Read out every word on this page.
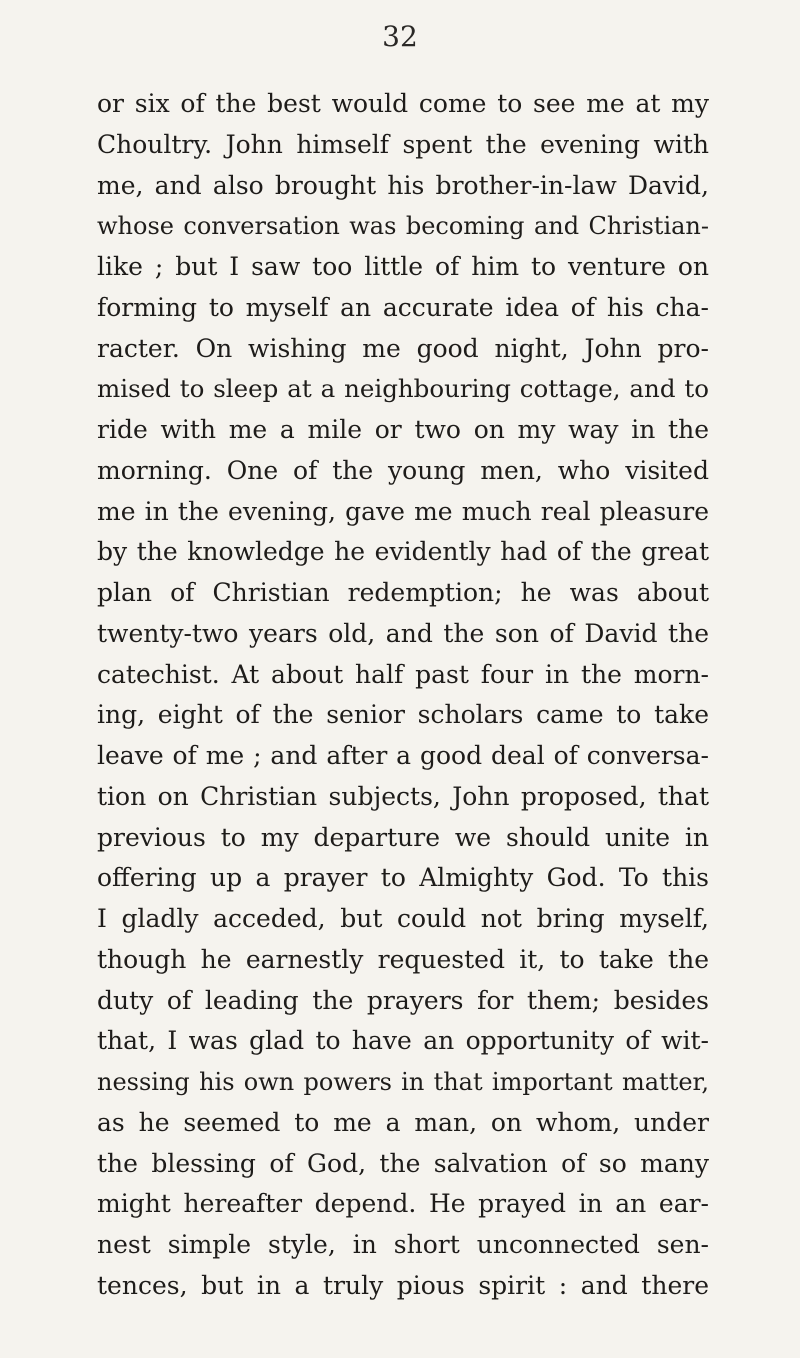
32
or six of the best would come to see me at my
Choultry. John himself spent the evening with
me, and also brought his brother-in-law David,
whose conversation was becoming and Christian-
like ; but I saw too little of him to venture on
forming to myself an accurate idea of his cha-
racter. On wishing me good night, John pro-
mised to sleep at a neighbouring cottage, and to
ride with me a mile or two on my way in the
morning. One of the young men, who visited
me in the evening, gave me much real pleasure
by the knowledge he evidently had of the great
plan of Christian redemption; he was about
twenty-two years old, and the son of David the
catechist. At about half past four in the morn-
ing, eight of the senior scholars came to take
leave of me ; and after a good deal of conversa-
tion on Christian subjects, John proposed, that
previous to my departure we should unite in
offering up a prayer to Almighty God. To this
I gladly acceded, but could not bring myself,
though he earnestly requested it, to take the
duty of leading the prayers for them; besides
that, I was glad to have an opportunity of wit-
nessing his own powers in that important matter,
as he seemed to me a man, on whom, under
the blessing of God, the salvation of so many
might hereafter depend. He prayed in an ear-
nest simple style, in short unconnected sen-
tences, but in a truly pious spirit : and there
